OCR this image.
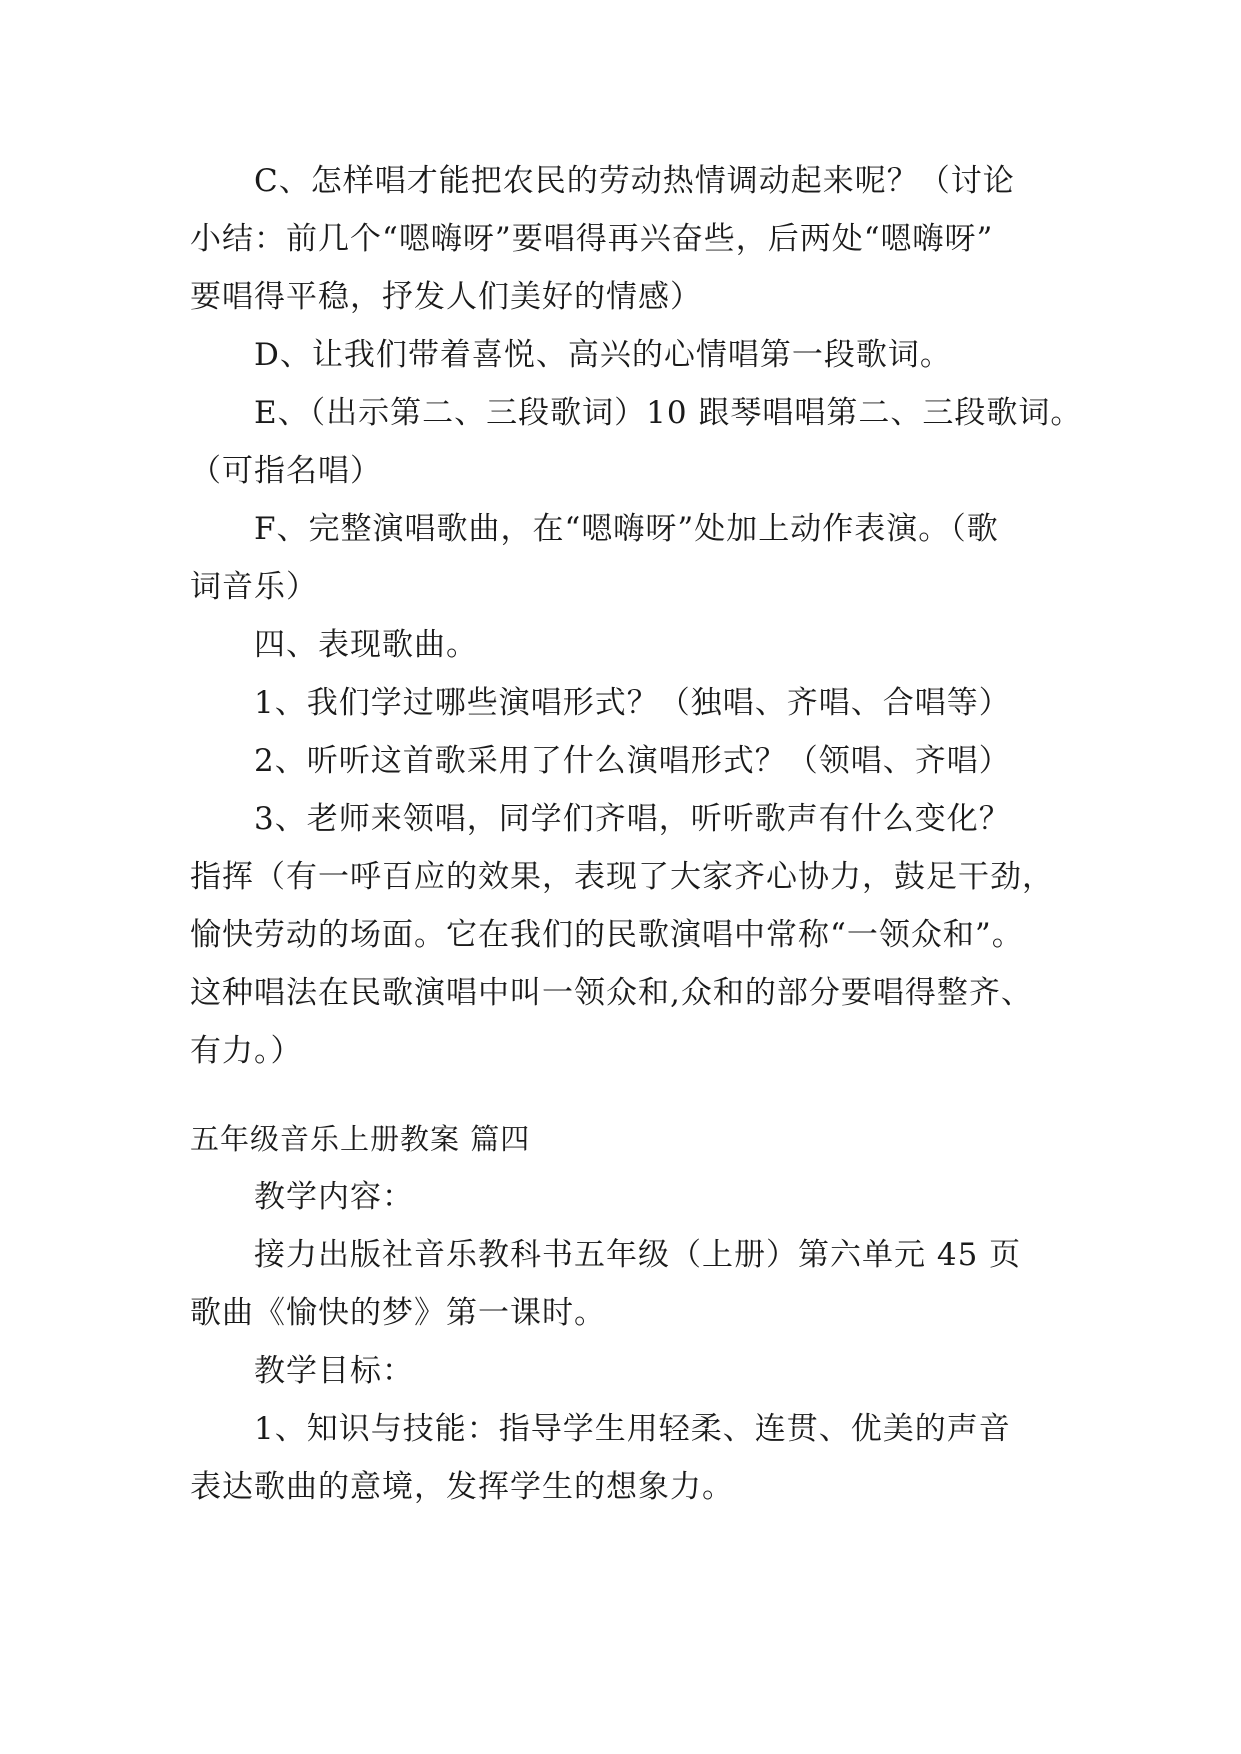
C、怎样唱才能把农民的劳动热情调动起来呢？（讨论
小结：前几个“嗯嗨呀”要唱得再兴奋些，后两处“嗯嗨呀”
要唱得平稳，抒发人们美好的情感）
D、让我们带着喜悦、高兴的心情唱第一段歌词。
E、（出示第二、三段歌词）10 跟琴唱唱第二、三段歌词。
（可指名唱）
F、完整演唱歌曲，在“嗯嗨呀”处加上动作表演。（歌
词音乐）
四、表现歌曲。
1、我们学过哪些演唱形式？（独唱、齐唱、合唱等）
2、听听这首歌采用了什么演唱形式？（领唱、齐唱）
3、老师来领唱，同学们齐唱，听听歌声有什么变化？
指挥（有一呼百应的效果，表现了大家齐心协力，鼓足干劲，
愉快劳动的场面。它在我们的民歌演唱中常称“一领众和”。
这种唱法在民歌演唱中叫一领众和,众和的部分要唱得整齐、
有力。）
五年级音乐上册教案 篇四
教学内容：
接力出版社音乐教科书五年级（上册）第六单元 45 页
歌曲《愉快的梦》第一课时。
教学目标：
1、知识与技能：指导学生用轻柔、连贯、优美的声音
表达歌曲的意境，发挥学生的想象力。
